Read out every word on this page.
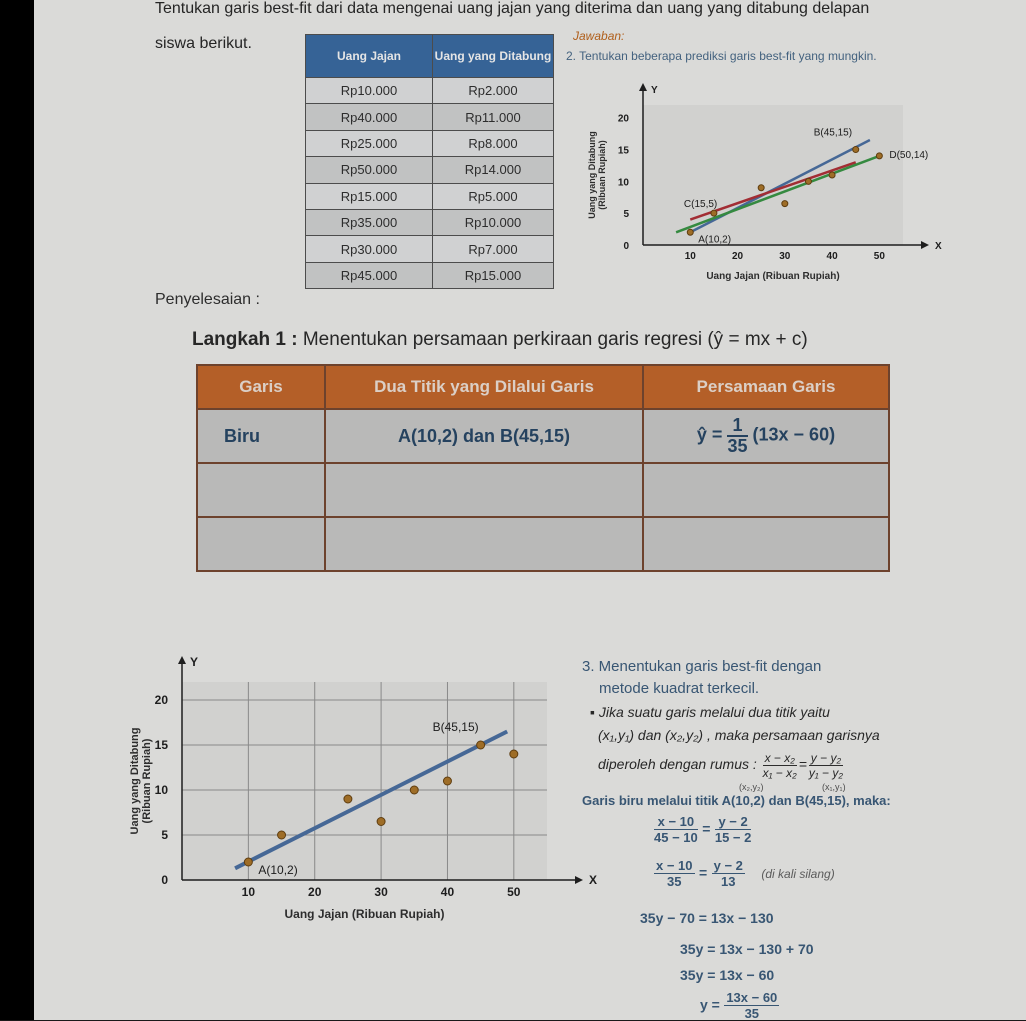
Tentukan garis best-fit dari data mengenai uang jajan yang diterima dan uang yang ditabung delapan
siswa berikut.
Uang Jajan	Uang yang Ditabung
Rp10.000	Rp2.000
Rp40.000	Rp11.000
Rp25.000	Rp8.000
Rp50.000	Rp14.000
Rp15.000	Rp5.000
Rp35.000	Rp10.000
Rp30.000	Rp7.000
Rp45.000	Rp15.000
Jawaban:
2. Tentukan beberapa prediksi garis best-fit yang mungkin.
X
Y
10	20	30	40	50
5
10
15
20
0
Uang Jajan (Ribuan Rupiah)
Uang yang Ditabung (Ribuan Rupiah)
A(10,2)
C(15,5)
B(45,15)
D(50,14)
Penyelesaian :
Langkah 1 : Menentukan persamaan perkiraan garis regresi (ŷ = mx + c)
Garis	Dua Titik yang Dilalui Garis	Persamaan Garis
Biru	A(10,2) dan B(45,15)	ŷ = $\frac{1}{35} (13x - 60)$

X
Y
10	20	30	40	50
5
10
15
20
0
Uang Jajan (Ribuan Rupiah)
Uang yang Ditabung (Ribuan Rupiah)
A(10,2)
B(45,15)
3. Menentukan garis best-fit dengan
metode kuadrat terkecil.
▪ Jika suatu garis melalui dua titik yaitu
(x₁,y₁) dan (x₂,y₂) , maka persamaan garisnya
diperoleh dengan rumus : $\frac{\text{x − x₂}}{\text{x₁ − x₂}} = \frac{\text{y − y₂}}{\text{y₁ − y₂}}$
(x₂,y₂)	(x₁,y₁)
Garis biru melalui titik A(10,2) dan B(45,15), maka:
$\frac{x - 10}{45 - 10} = \frac{y - 2}{15 - 2}$
$\frac{x - 10}{35} = \frac{y - 2}{13} (di$ kali silang)
35y − 70 = 13x − 130
35y = 13x − 130 + 70
35y = 13x − 60
$y = \frac{13x - 60}{35}$
